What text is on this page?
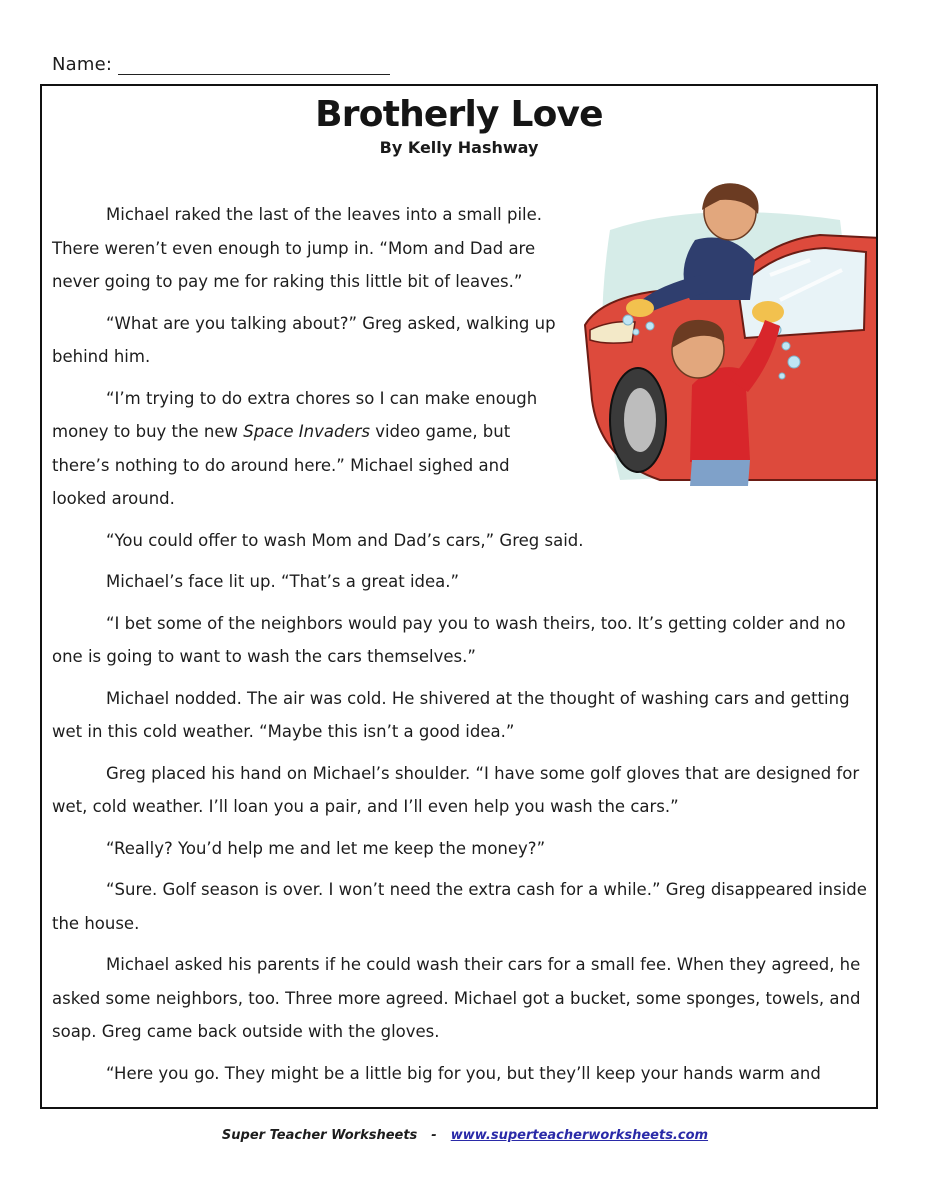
Name:
Brotherly Love
By Kelly Hashway

Michael raked the last of the leaves into a small pile. There weren’t even enough to jump in. “Mom and Dad are never going to pay me for raking this little bit of leaves.”

“What are you talking about?” Greg asked, walking up behind him.

“I’m trying to do extra chores so I can make enough money to buy the new Space Invaders video game, but there’s nothing to do around here.” Michael sighed and looked around.

“You could offer to wash Mom and Dad’s cars,” Greg said.

Michael’s face lit up. “That’s a great idea.”

“I bet some of the neighbors would pay you to wash theirs, too. It’s getting colder and no one is going to want to wash the cars themselves.”

Michael nodded. The air was cold. He shivered at the thought of washing cars and getting wet in this cold weather. “Maybe this isn’t a good idea.”

Greg placed his hand on Michael’s shoulder. “I have some golf gloves that are designed for wet, cold weather. I’ll loan you a pair, and I’ll even help you wash the cars.”

“Really? You’d help me and let me keep the money?”

“Sure. Golf season is over. I won’t need the extra cash for a while.” Greg disappeared inside the house.

Michael asked his parents if he could wash their cars for a small fee. When they agreed, he asked some neighbors, too. Three more agreed. Michael got a bucket, some sponges, towels, and soap. Greg came back outside with the gloves.

“Here you go. They might be a little big for you, but they’ll keep your hands warm and

Super Teacher Worksheets - www.superteacherworksheets.com
